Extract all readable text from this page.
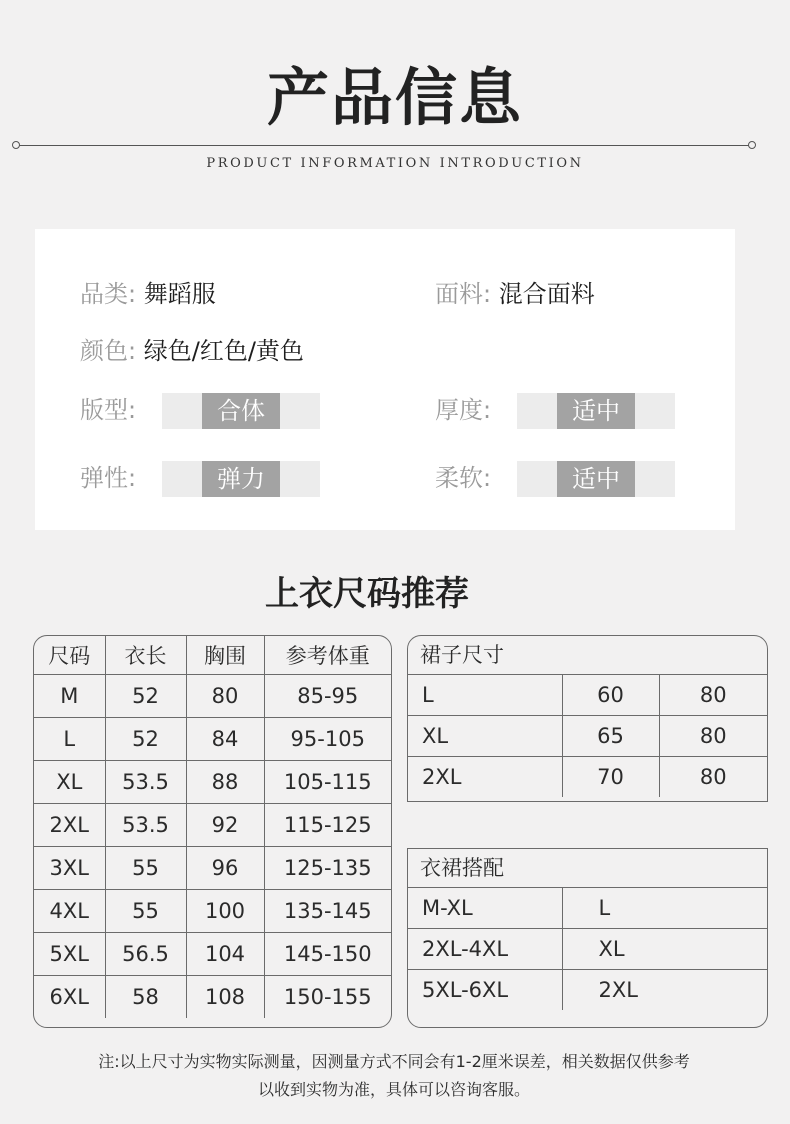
产品信息
PRODUCT INFORMATION INTRODUCTION
品类: 舞蹈服	面料: 混合面料
颜色: 绿色/红色/黄色
版型:	合体	厚度:	适中
弹性:	弹力	柔软:	适中
上衣尺码推荐
尺码	衣长	胸围	参考体重
M	52	80	85-95
L	52	84	95-105
XL	53.5	88	105-115
2XL	53.5	92	115-125
3XL	55	96	125-135
4XL	55	100	135-145
5XL	56.5	104	145-150
6XL	58	108	150-155
裙子尺寸
L	60	80
XL	65	80
2XL	70	80
衣裙搭配
M-XL	L
2XL-4XL	XL
5XL-6XL	2XL
注:以上尺寸为实物实际测量，因测量方式不同会有1-2厘米误差，相关数据仅供参考
以收到实物为准，具体可以咨询客服。
